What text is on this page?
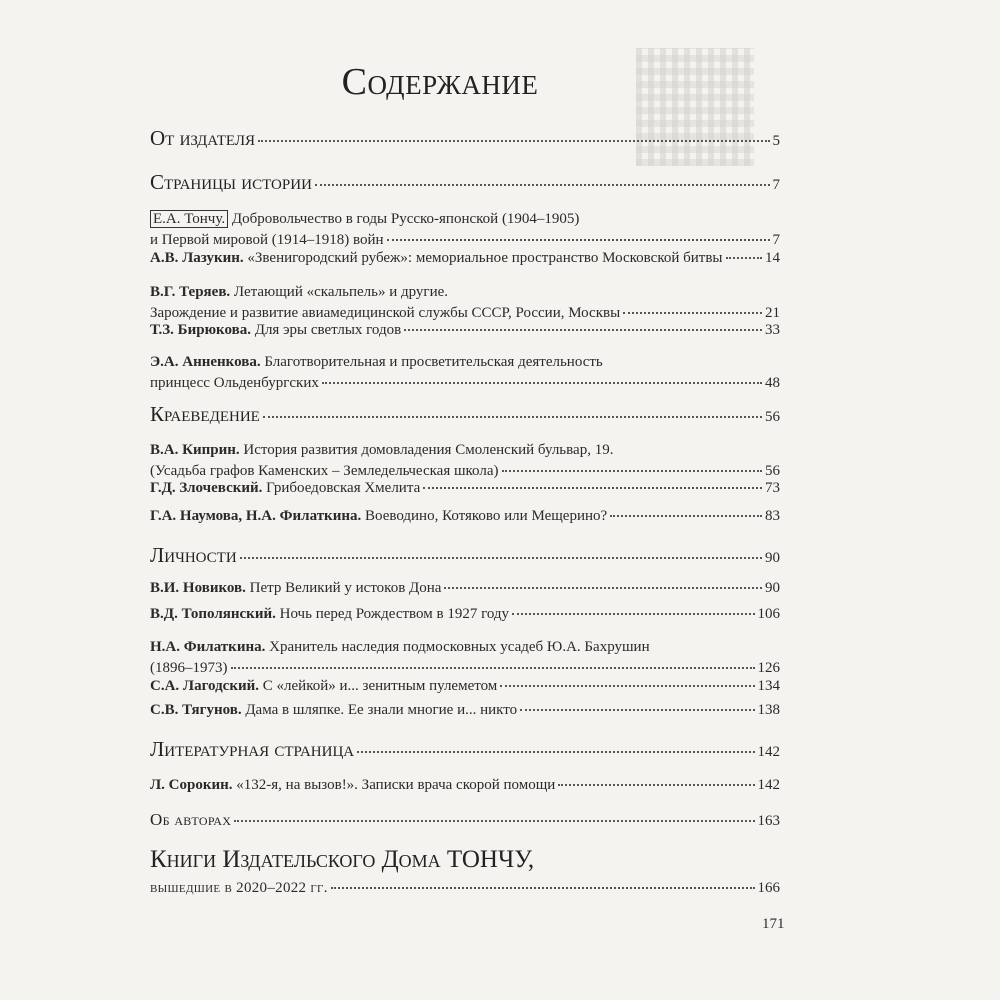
Содержание
От издателя	5
Страницы истории	7
Е.А. Тончу. Добровольчество в годы Русско-японской (1904–1905)
и Первой мировой (1914–1918) войн	7
А.В. Лазукин. «Звенигородский рубеж»: мемориальное пространство Московской битвы	14
В.Г. Теряев. Летающий «скальпель» и другие.
Зарождение и развитие авиамедицинской службы СССР, России, Москвы	21
Т.З. Бирюкова. Для эры светлых годов	33
Э.А. Анненкова. Благотворительная и просветительская деятельность
принцесс Ольденбургских	48
Краеведение	56
В.А. Киприн. История развития домовладения Смоленский бульвар, 19.
(Усадьба графов Каменских – Земледельческая школа)	56
Г.Д. Злочевский. Грибоедовская Хмелита	73
Г.А. Наумова, Н.А. Филаткина. Воеводино, Котяково или Мещерино?	83
Личности	90
В.И. Новиков. Петр Великий у истоков Дона	90
В.Д. Тополянский. Ночь перед Рождеством в 1927 году	106
Н.А. Филаткина. Хранитель наследия подмосковных усадеб Ю.А. Бахрушин
(1896–1973)	126
С.А. Лагодский. С «лейкой» и... зенитным пулеметом	134
С.В. Тягунов. Дама в шляпке. Ее знали многие и... никто	138
Литературная страница	142
Л. Сорокин. «132-я, на вызов!». Записки врача скорой помощи	142
Об авторах	163
Книги Издательского Дома ТОНЧУ,
вышедшие в 2020–2022 гг.	166
171
